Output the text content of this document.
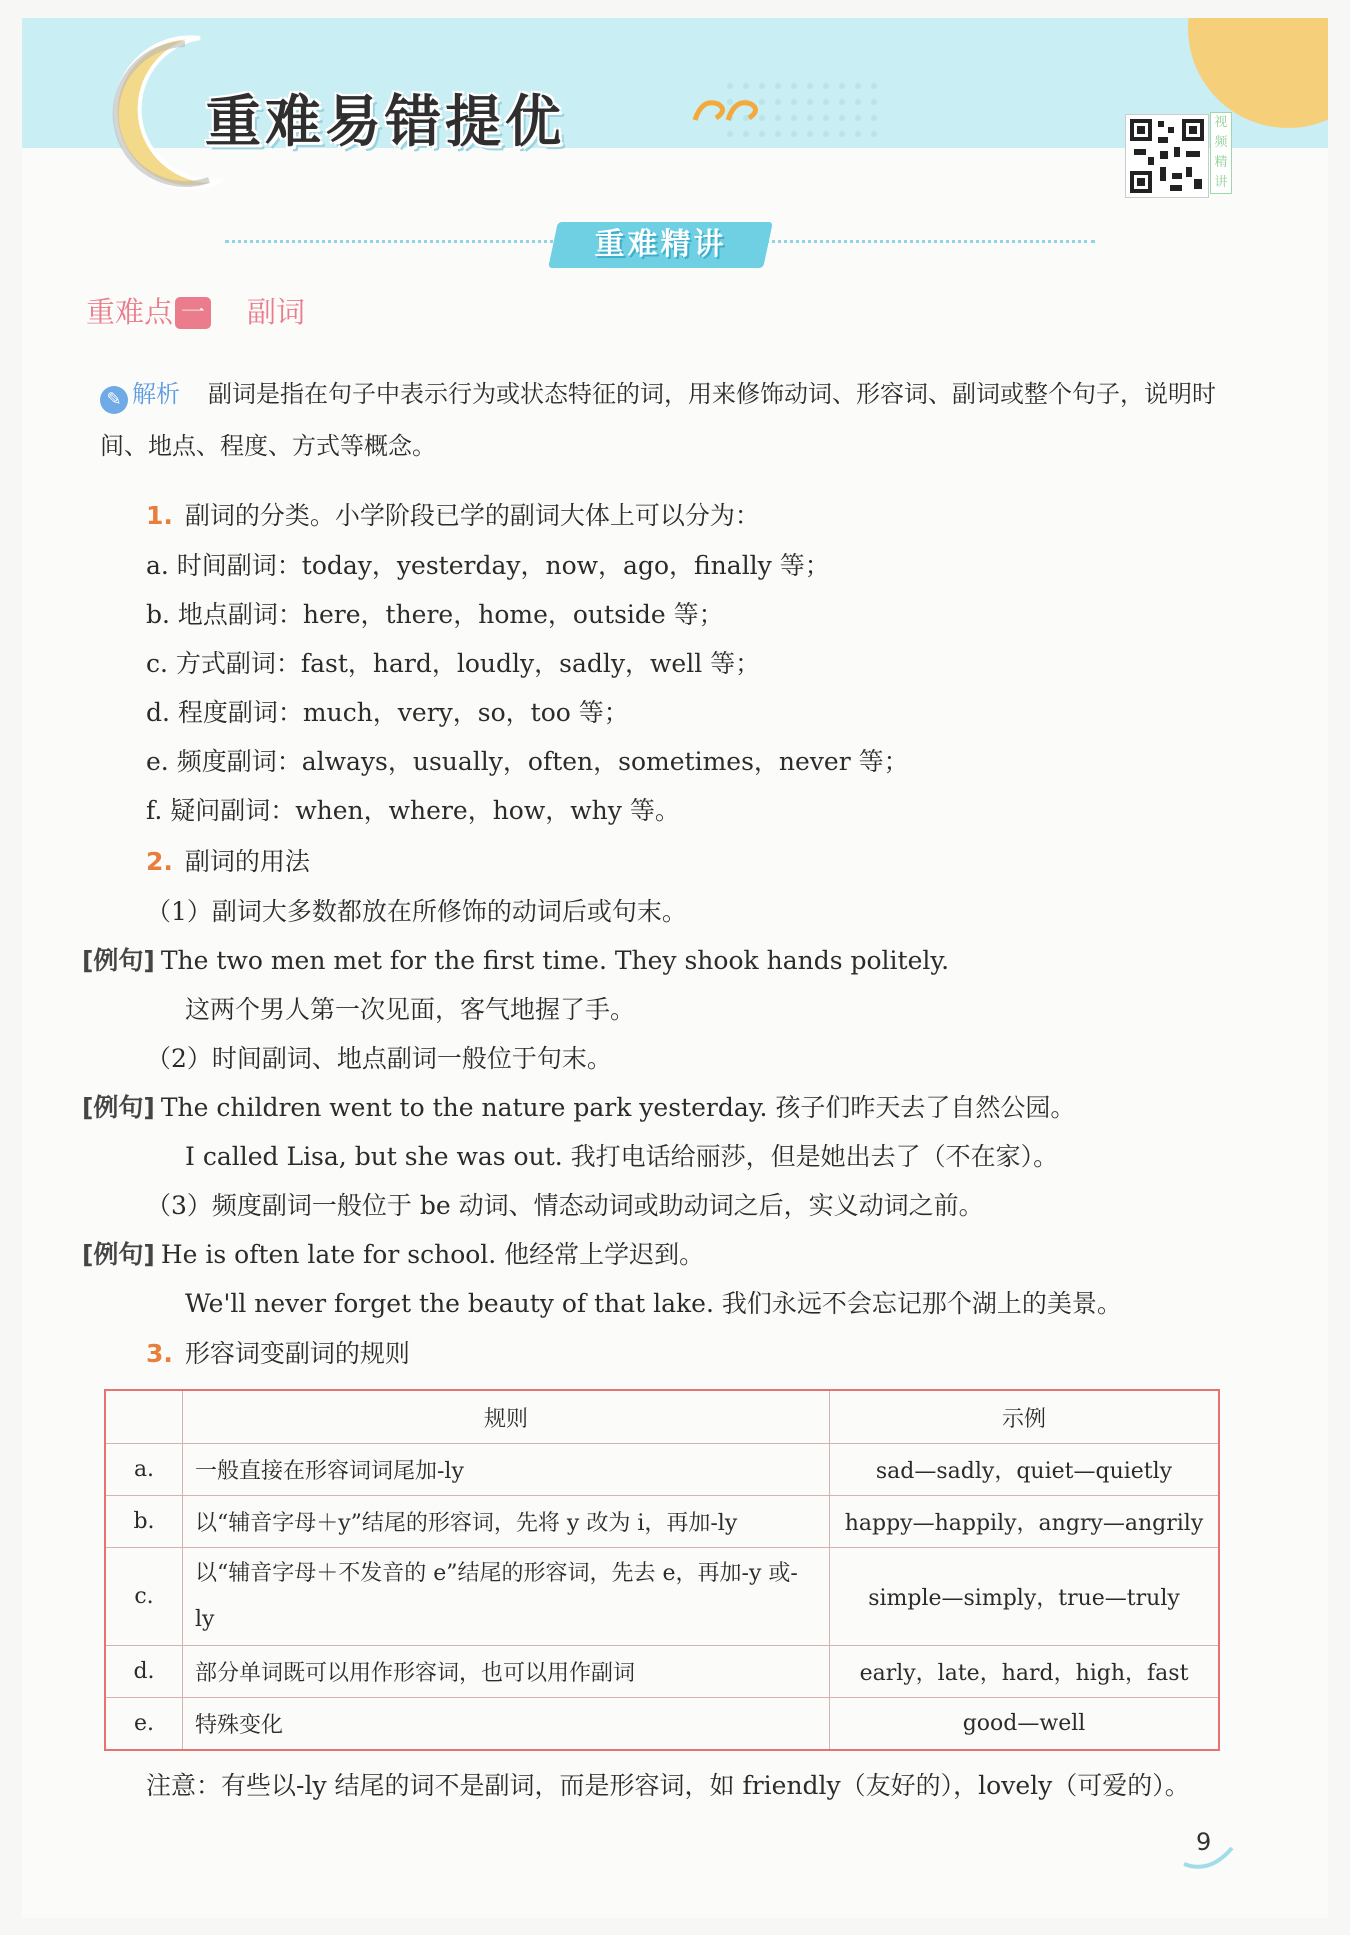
重难易错提优	视频精讲
重难精讲
重难点 一 副词
✎ 解析 副词是指在句子中表示行为或状态特征的词，用来修饰动词、形容词、副词或整个句子，说明时间、地点、程度、方式等概念。
1. 副词的分类。小学阶段已学的副词大体上可以分为：
a. 时间副词：today，yesterday，now，ago，finally 等；
b. 地点副词：here，there，home，outside 等；
c. 方式副词：fast，hard，loudly，sadly，well 等；
d. 程度副词：much，very，so，too 等；
e. 频度副词：always，usually，often，sometimes，never 等；
f. 疑问副词：when，where，how，why 等。
2. 副词的用法
（1）副词大多数都放在所修饰的动词后或句末。
[例句] The two men met for the first time. They shook hands politely.
这两个男人第一次见面，客气地握了手。
（2）时间副词、地点副词一般位于句末。
[例句] The children went to the nature park yesterday. 孩子们昨天去了自然公园。
I called Lisa, but she was out. 我打电话给丽莎，但是她出去了（不在家）。
（3）频度副词一般位于 be 动词、情态动词或助动词之后，实义动词之前。
[例句] He is often late for school. 他经常上学迟到。
We'll never forget the beauty of that lake. 我们永远不会忘记那个湖上的美景。
3. 形容词变副词的规则
	规则	示例
a.	一般直接在形容词词尾加-ly	sad—sadly，quiet—quietly
b.	以“辅音字母＋y”结尾的形容词，先将 y 改为 i，再加-ly	happy—happily，angry—angrily
c.	以“辅音字母＋不发音的 e”结尾的形容词，先去 e，再加-y 或-ly	simple—simply，true—truly
d.	部分单词既可以用作形容词，也可以用作副词	early，late，hard，high，fast
e.	特殊变化	good—well
注意：有些以-ly 结尾的词不是副词，而是形容词，如 friendly（友好的），lovely（可爱的）。
9
